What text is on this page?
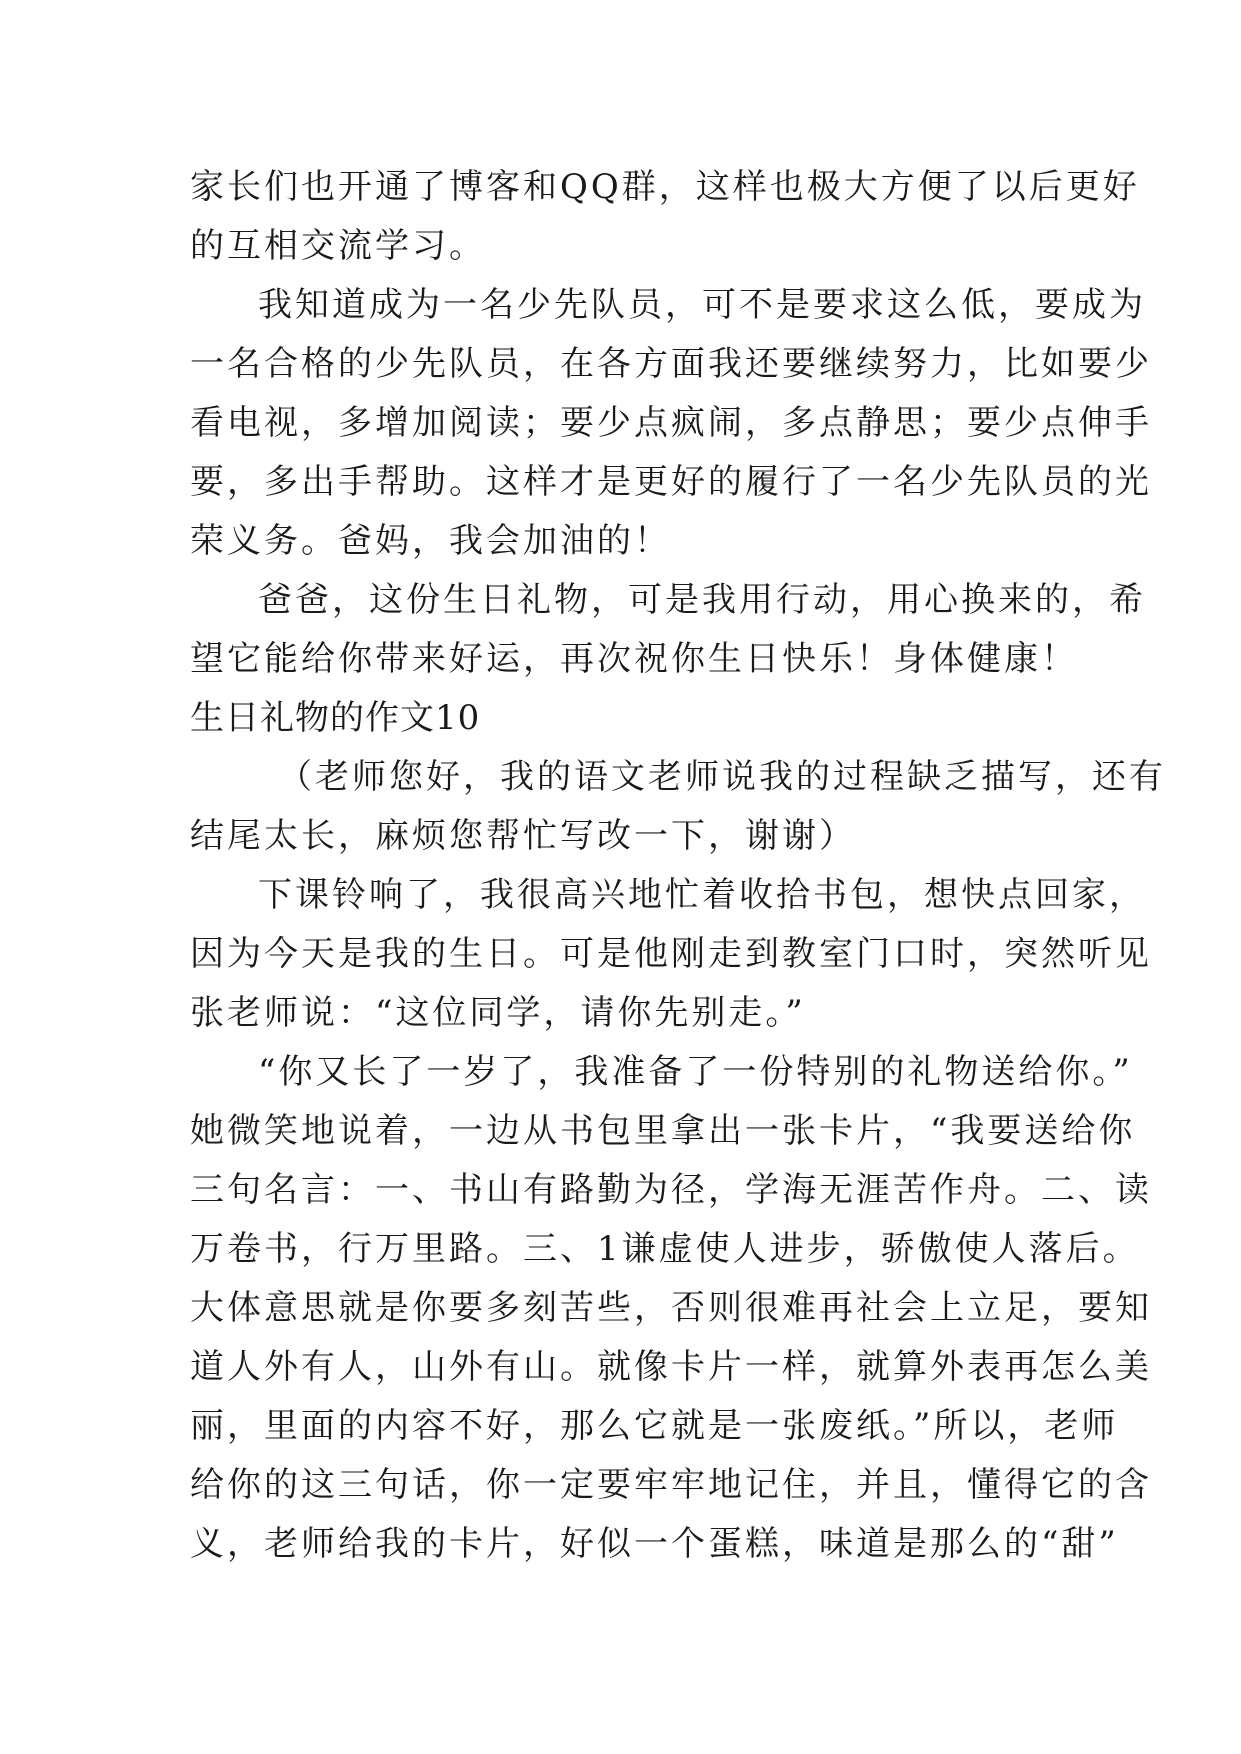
家长们也开通了博客和QQ群，这样也极大方便了以后更好
的互相交流学习。
我知道成为一名少先队员，可不是要求这么低，要成为
一名合格的少先队员，在各方面我还要继续努力，比如要少
看电视，多增加阅读；要少点疯闹，多点静思；要少点伸手
要，多出手帮助。这样才是更好的履行了一名少先队员的光
荣义务。爸妈，我会加油的！
爸爸，这份生日礼物，可是我用行动，用心换来的，希
望它能给你带来好运，再次祝你生日快乐！身体健康！
生日礼物的作文10
（老师您好，我的语文老师说我的过程缺乏描写，还有
结尾太长，麻烦您帮忙写改一下，谢谢）
下课铃响了，我很高兴地忙着收拾书包，想快点回家，
因为今天是我的生日。可是他刚走到教室门口时，突然听见
张老师说：“这位同学，请你先别走。”
“你又长了一岁了，我准备了一份特别的礼物送给你。”
她微笑地说着，一边从书包里拿出一张卡片，“我要送给你
三句名言：一、书山有路勤为径，学海无涯苦作舟。二、读
万卷书，行万里路。三、1谦虚使人进步，骄傲使人落后。
大体意思就是你要多刻苦些，否则很难再社会上立足，要知
道人外有人，山外有山。就像卡片一样，就算外表再怎么美
丽，里面的内容不好，那么它就是一张废纸。”所以，老师
给你的这三句话，你一定要牢牢地记住，并且，懂得它的含
义，老师给我的卡片，好似一个蛋糕，味道是那么的“甜”
